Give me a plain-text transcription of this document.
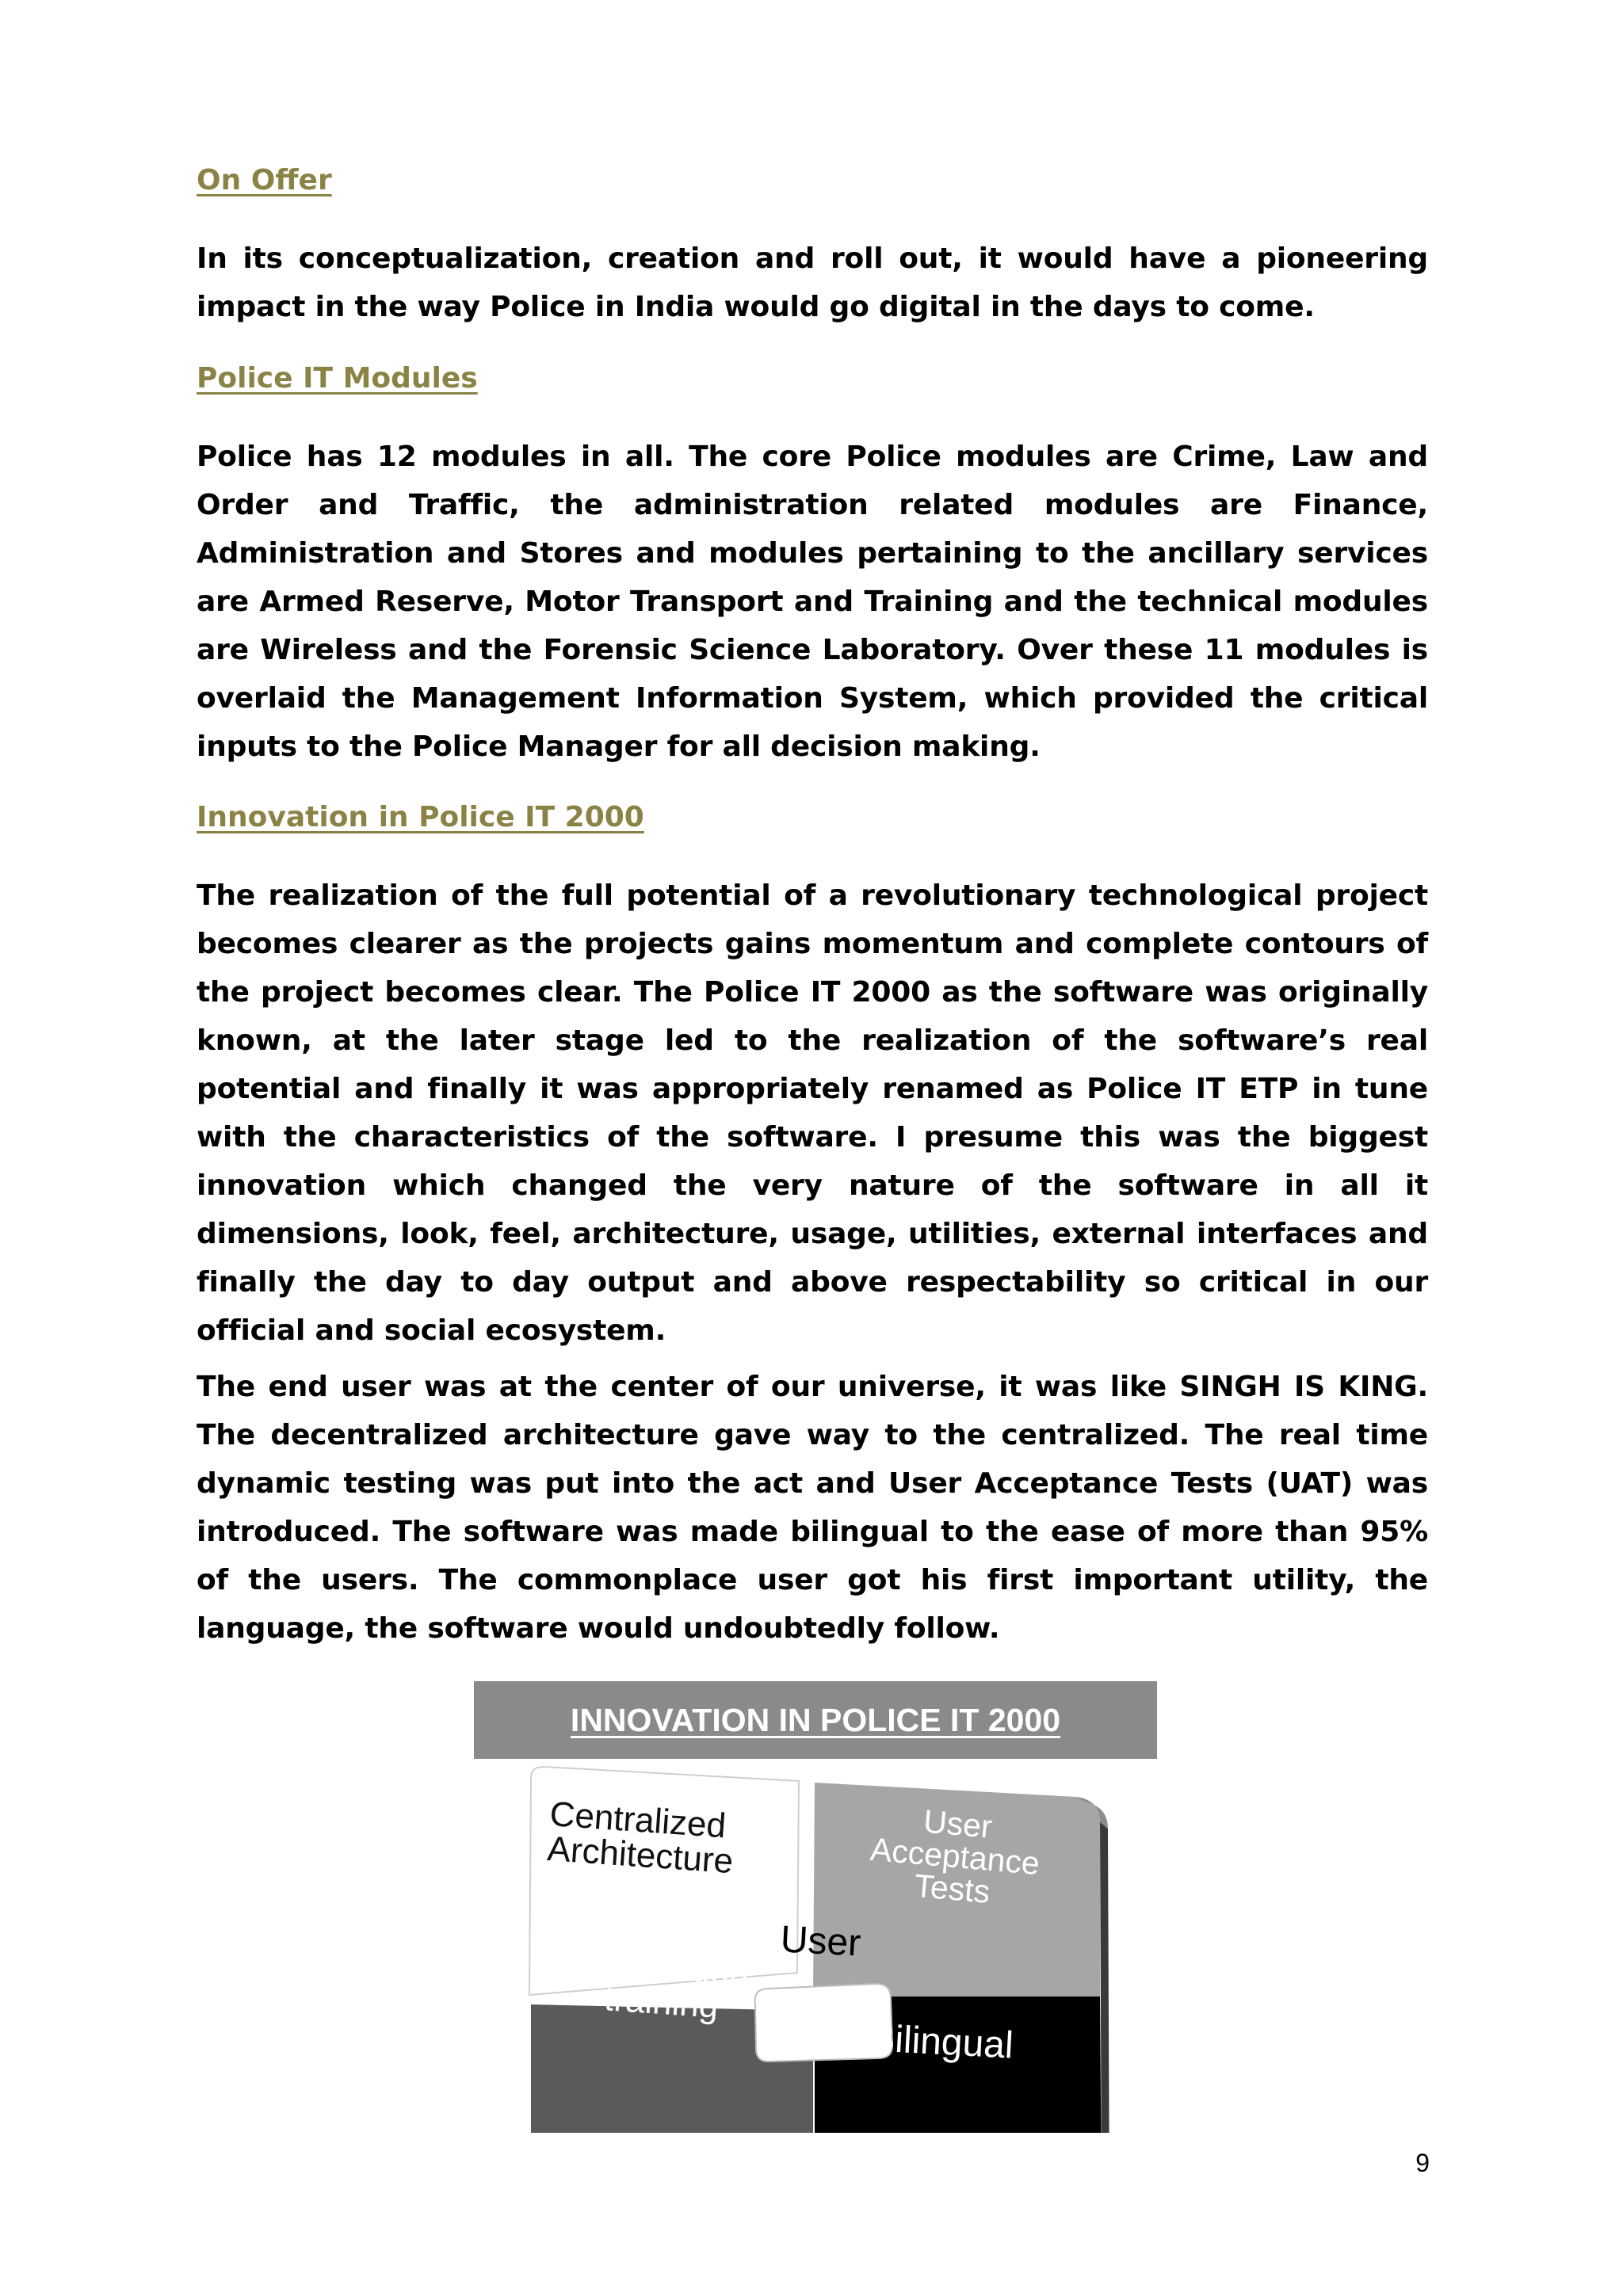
On Offer

In its conceptualization, creation and roll out, it would have a pioneering impact in the way Police in India would go digital in the days to come.

Police IT Modules

Police has 12 modules in all. The core Police modules are Crime, Law and Order and Traffic, the administration related modules are Finance, Administration and Stores and modules pertaining to the ancillary services are Armed Reserve, Motor Transport and Training and the technical modules are Wireless and the Forensic Science Laboratory. Over these 11 modules is overlaid the Management Information System, which provided the critical inputs to the Police Manager for all decision making.

Innovation in Police IT 2000

The realization of the full potential of a revolutionary technological project becomes clearer as the projects gains momentum and complete contours of the project becomes clear. The Police IT 2000 as the software was originally known, at the later stage led to the realization of the software’s real potential and finally it was appropriately renamed as Police IT ETP in tune with the characteristics of the software. I presume this was the biggest innovation which changed the very nature of the software in all it dimensions, look, feel, architecture, usage, utilities, external interfaces and finally the day to day output and above respectability so critical in our official and social ecosystem.

The end user was at the center of our universe, it was like SINGH IS KING. The decentralized architecture gave way to the centralized. The real time dynamic testing was put into the act and User Acceptance Tests (UAT) was introduced. The software was made bilingual to the ease of more than 95% of the users. The commonplace user got his first important utility, the language, the software would undoubtedly follow.

INNOVATION IN POLICE IT 2000
Centralized Architecture
User Acceptance Tests
Application training
Bilingual
User
9
